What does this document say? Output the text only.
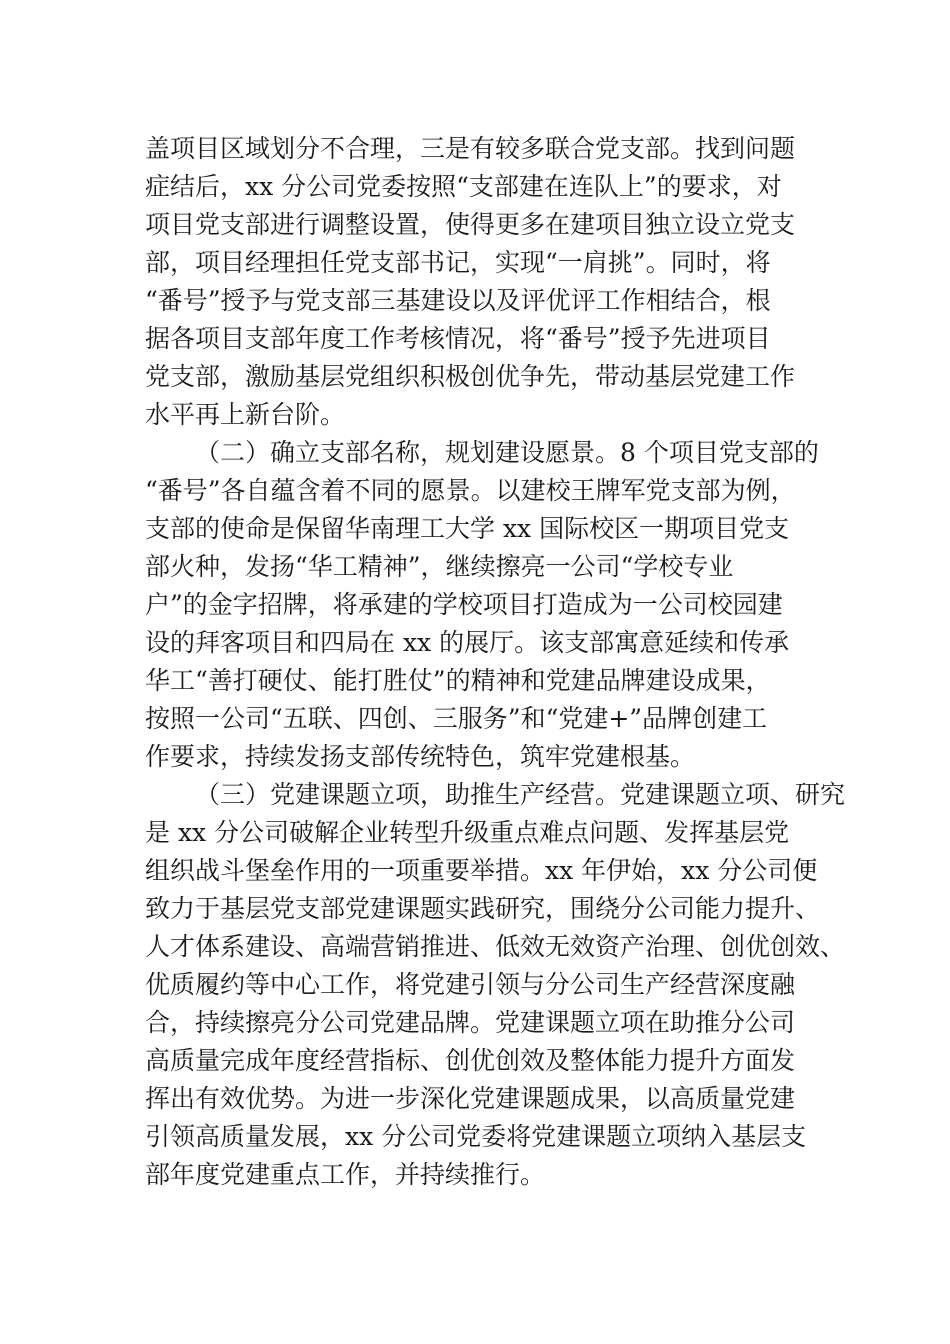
盖项目区域划分不合理，三是有较多联合党支部。找到问题
症结后，xx 分公司党委按照“支部建在连队上”的要求，对
项目党支部进行调整设置，使得更多在建项目独立设立党支
部，项目经理担任党支部书记，实现“一肩挑”。同时，将
“番号”授予与党支部三基建设以及评优评工作相结合，根
据各项目支部年度工作考核情况，将“番号”授予先进项目
党支部，激励基层党组织积极创优争先，带动基层党建工作
水平再上新台阶。
（二）确立支部名称，规划建设愿景。8 个项目党支部的
“番号”各自蕴含着不同的愿景。以建校王牌军党支部为例，
支部的使命是保留华南理工大学 xx 国际校区一期项目党支
部火种，发扬“华工精神”，继续擦亮一公司“学校专业
户”的金字招牌，将承建的学校项目打造成为一公司校园建
设的拜客项目和四局在 xx 的展厅。该支部寓意延续和传承
华工“善打硬仗、能打胜仗”的精神和党建品牌建设成果，
按照一公司“五联、四创、三服务”和“党建+”品牌创建工
作要求，持续发扬支部传统特色，筑牢党建根基。
（三）党建课题立项，助推生产经营。党建课题立项、研究
是 xx 分公司破解企业转型升级重点难点问题、发挥基层党
组织战斗堡垒作用的一项重要举措。xx 年伊始，xx 分公司便
致力于基层党支部党建课题实践研究，围绕分公司能力提升、
人才体系建设、高端营销推进、低效无效资产治理、创优创效、
优质履约等中心工作，将党建引领与分公司生产经营深度融
合，持续擦亮分公司党建品牌。党建课题立项在助推分公司
高质量完成年度经营指标、创优创效及整体能力提升方面发
挥出有效优势。为进一步深化党建课题成果，以高质量党建
引领高质量发展，xx 分公司党委将党建课题立项纳入基层支
部年度党建重点工作，并持续推行。
